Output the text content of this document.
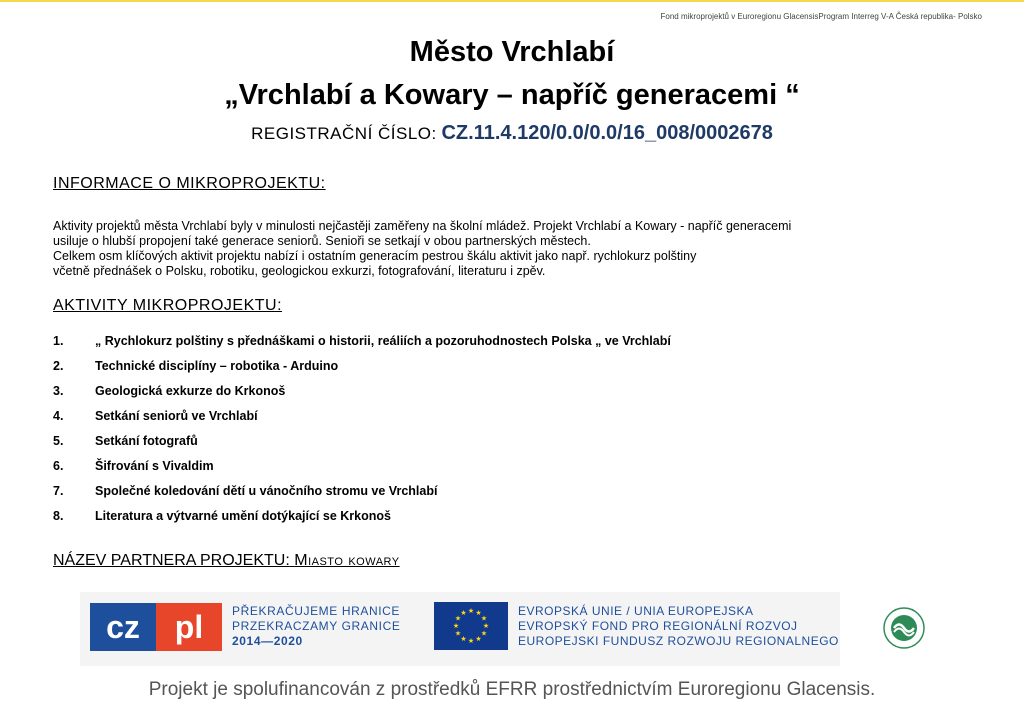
Fond mikroprojektů v Euroregionu GlacensisProgram Interreg V-A Česká republika- Polsko
Město Vrchlabí
„Vrchlabí a Kowary – napříč generacemi “
REGISTRAČNÍ ČÍSLO: CZ.11.4.120/0.0/0.0/16_008/0002678
INFORMACE O MIKROPROJEKTU:
Aktivity projektů města Vrchlabí byly v minulosti nejčastěji zaměřeny na školní mládež. Projekt Vrchlabí a Kowary - napříč generacemi
usiluje o hlubší propojení také generace seniorů. Senioři se setkají v obou partnerských městech.
Celkem osm klíčových aktivit projektu nabízí i ostatním generacím pestrou škálu aktivit jako např. rychlokurz polštiny
včetně přednášek o Polsku, robotiku, geologickou exkurzi, fotografování, literaturu i zpěv.
AKTIVITY MIKROPROJEKTU:
1.	„ Rychlokurz polštiny s přednáškami o historii, reáliích a pozoruhodnostech Polska „ ve Vrchlabí
2.	Technické disciplíny – robotika - Arduino
3.	Geologická exkurze do Krkonoš
4.	Setkání seniorů ve Vrchlabí
5.	Setkání fotografů
6.	Šifrování s Vivaldim
7.	Společné koledování dětí u vánočního stromu ve Vrchlabí
8.	Literatura a výtvarné umění dotýkající se Krkonoš
NÁZEV PARTNERA PROJEKTU: Miasto kowary
cz	pl	PŘEKRAČUJEME HRANICE
PRZEKRACZAMY GRANICE
2014—2020
★ ★
★
★
★
★
★
★
★
★
★
★	EVROPSKÁ UNIE / UNIA EUROPEJSKA
EVROPSKÝ FOND PRO REGIONÁLNÍ ROZVOJ
EUROPEJSKI FUNDUSZ ROZWOJU REGIONALNEGO
Projekt je spolufinancován z prostředků EFRR prostřednictvím Euroregionu Glacensis.
